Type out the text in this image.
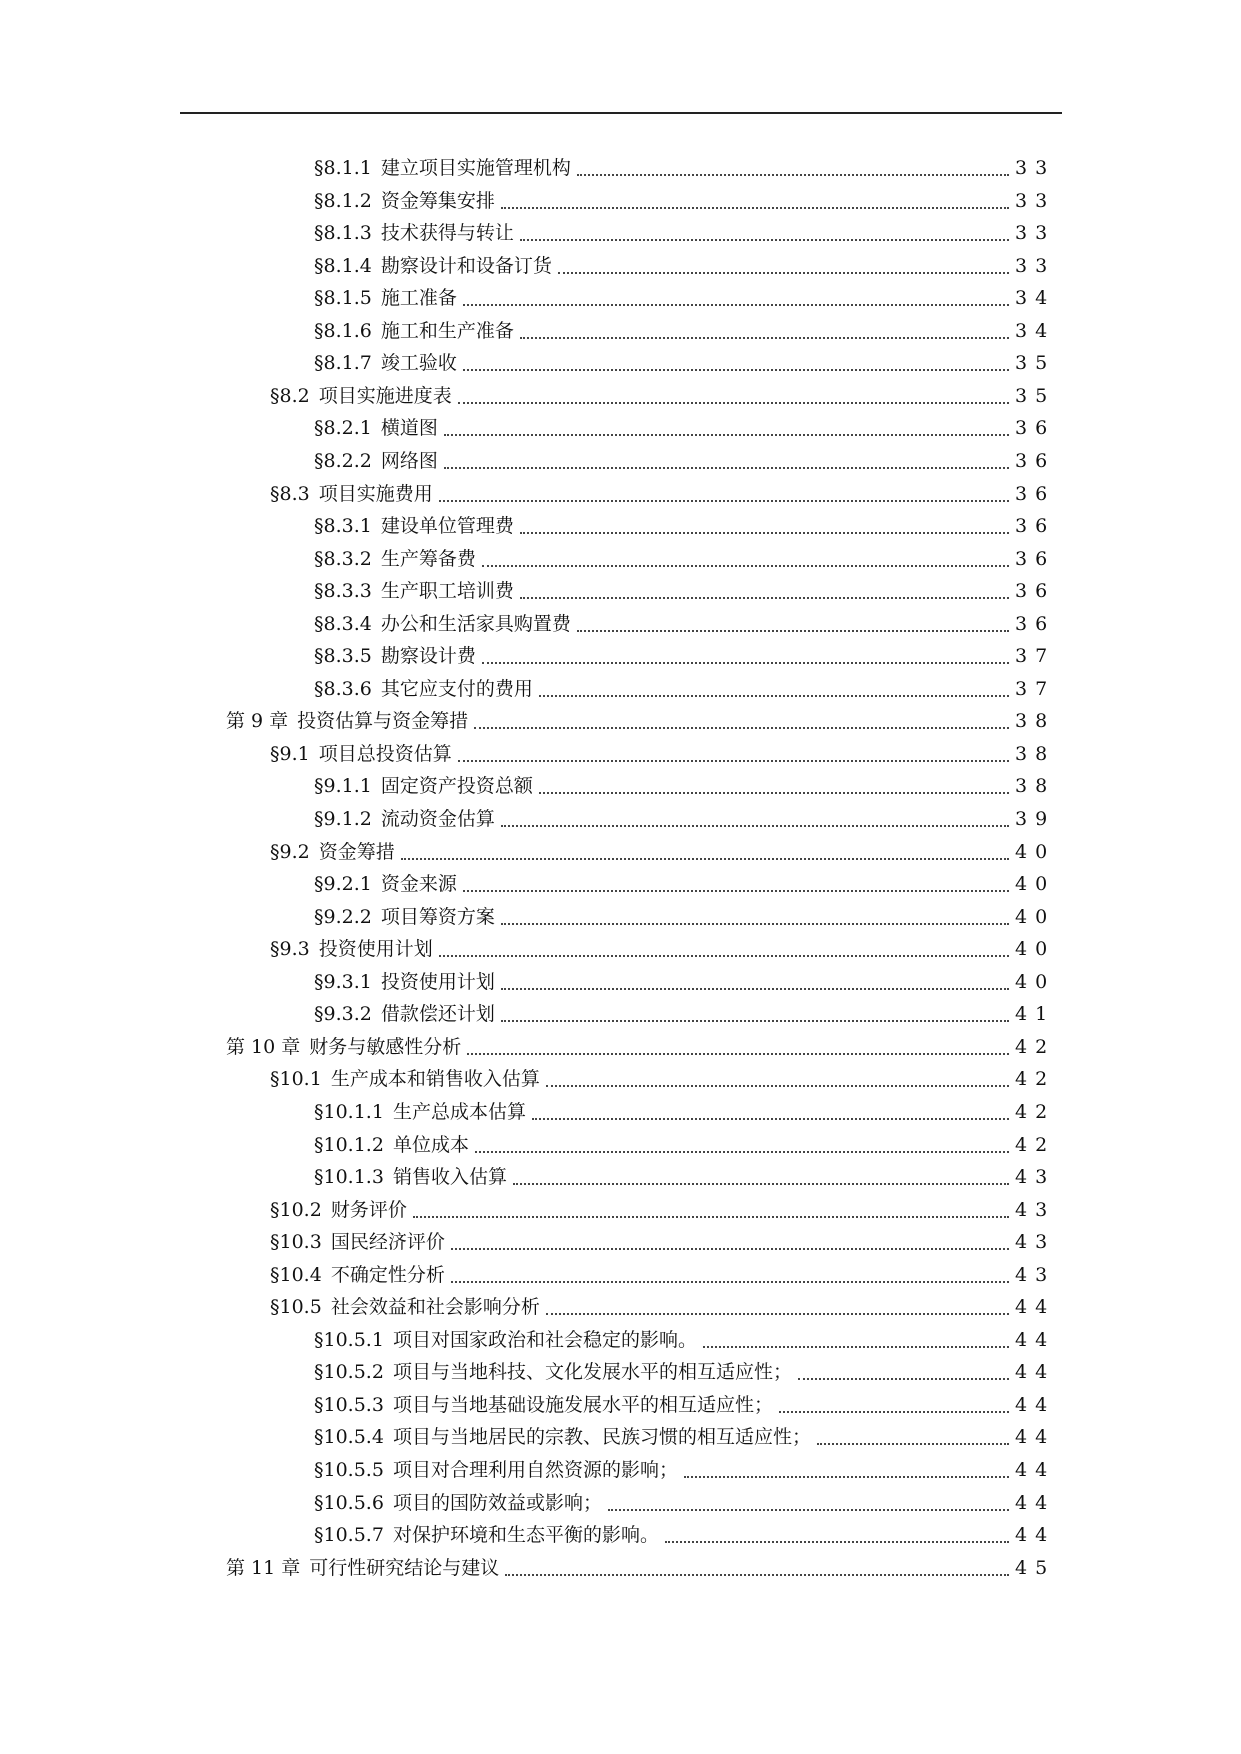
§8.1.1 建立项目实施管理机构	33
§8.1.2 资金筹集安排	33
§8.1.3 技术获得与转让	33
§8.1.4 勘察设计和设备订货	33
§8.1.5 施工准备	34
§8.1.6 施工和生产准备	34
§8.1.7 竣工验收	35
§8.2 项目实施进度表	35
§8.2.1 横道图	36
§8.2.2 网络图	36
§8.3 项目实施费用	36
§8.3.1 建设单位管理费	36
§8.3.2 生产筹备费	36
§8.3.3 生产职工培训费	36
§8.3.4 办公和生活家具购置费	36
§8.3.5 勘察设计费	37
§8.3.6 其它应支付的费用	37
第 9 章 投资估算与资金筹措	38
§9.1 项目总投资估算	38
§9.1.1 固定资产投资总额	38
§9.1.2 流动资金估算	39
§9.2 资金筹措	40
§9.2.1 资金来源	40
§9.2.2 项目筹资方案	40
§9.3 投资使用计划	40
§9.3.1 投资使用计划	40
§9.3.2 借款偿还计划	41
第 10 章 财务与敏感性分析	42
§10.1 生产成本和销售收入估算	42
§10.1.1 生产总成本估算	42
§10.1.2 单位成本	42
§10.1.3 销售收入估算	43
§10.2 财务评价	43
§10.3 国民经济评价	43
§10.4 不确定性分析	43
§10.5 社会效益和社会影响分析	44
§10.5.1 项目对国家政治和社会稳定的影响。	44
§10.5.2 项目与当地科技、文化发展水平的相互适应性；	44
§10.5.3 项目与当地基础设施发展水平的相互适应性；	44
§10.5.4 项目与当地居民的宗教、民族习惯的相互适应性；	44
§10.5.5 项目对合理利用自然资源的影响；	44
§10.5.6 项目的国防效益或影响；	44
§10.5.7 对保护环境和生态平衡的影响。	44
第 11 章 可行性研究结论与建议	45
